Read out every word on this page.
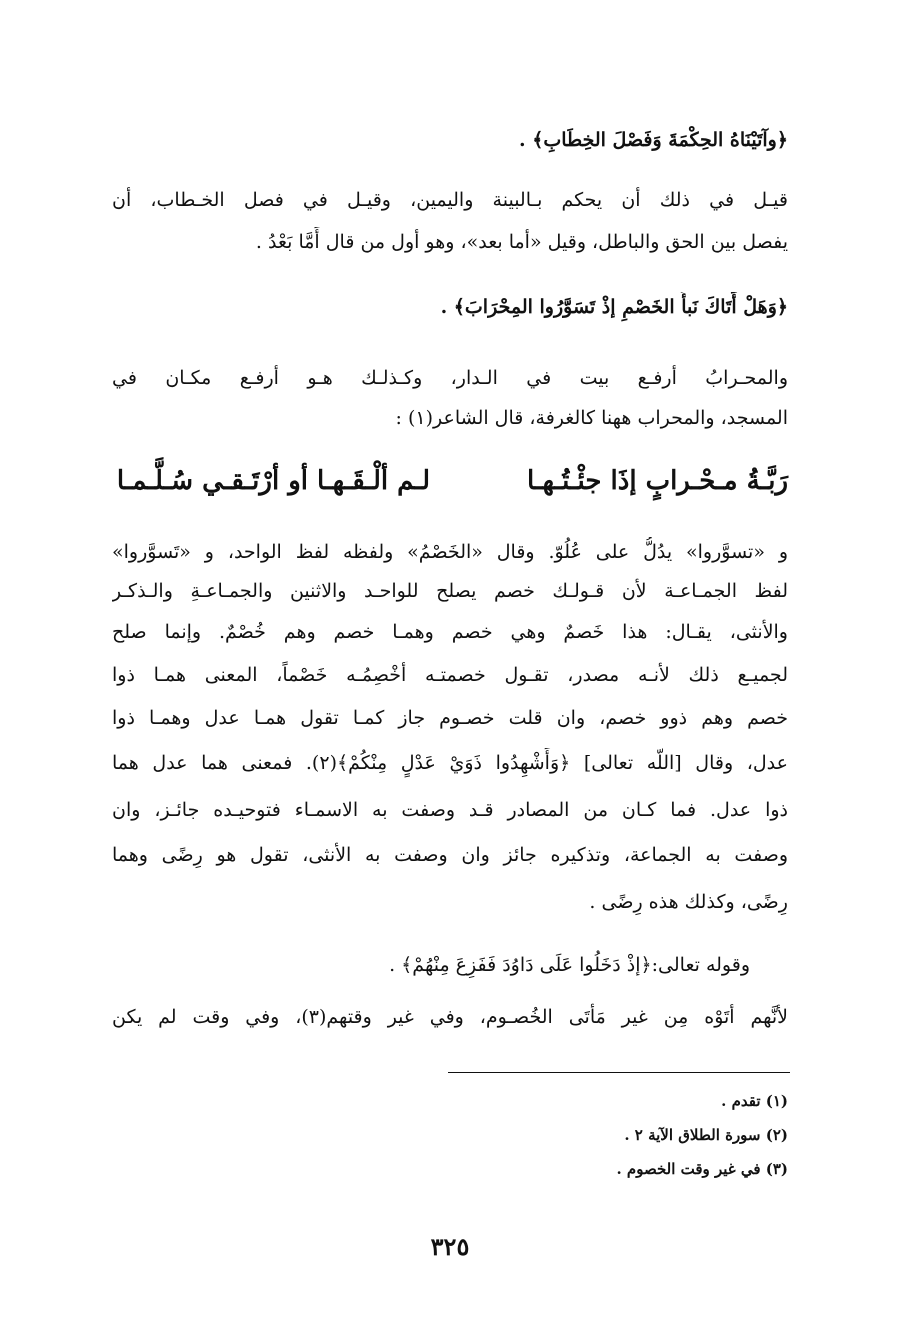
﴿وآتَيْنَاهُ الحِكْمَةَ وَفَصْلَ الخِطَابِ﴾ .
قيـل في ذلك أن يحكم بـالبينة واليمين، وقيـل في فصل الخـطاب، أن
يفصل بين الحق والباطل، وقيل «أما بعد»، وهو أول من قال أَمَّا بَعْدُ .
﴿وَهَلْ أَتَاكَ نَبأُ الخَصْمِ إذْ تَسَوَّرُوا المِحْرَابَ﴾ .
والمحـرابُ أرفـع بيت في الـدار، وكـذلـك هـو أرفـع مكـان في
المسجد، والمحراب ههنا كالغرفة، قال الشاعر(١) :
رَبَّـةُ مـحْـرابٍ إذَا جئْـتُـهـا
لـم ألْـقَـهـا أو أرْتَـقـي سُـلَّـمـا
و «تسوَّروا» يدُلُّ على عُلُوّ. وقال «الخَصْمُ» ولفظه لفظ الواحد، و «تَسوَّروا»
لفظ الجمـاعـة لأن قـولـك خصم يصلح للواحـد والاثنين والجمـاعـةِ والـذكـر
والأنثى، يقـال: هذا خَصمٌ وهي خصم وهمـا خصم وهم خُصْمٌ. وإنما صلح
لجميـع ذلك لأنـه مصدر، تقـول خصمتـه أخْصِمُـه خَصْماً، المعنى همـا ذوا
خصم وهم ذوو خصم، وان قلت خصـوم جاز كمـا تقول همـا عدل وهمـا ذوا
عدل، وقال [اللّه تعالى] ﴿وَأَشْهِدُوا ذَوَيْ عَدْلٍ مِنْكُمْ﴾(٢). فمعنى هما عدل هما
ذوا عدل. فما كـان من المصادر قـد وصفت به الاسمـاء فتوحيـده جائـز، وان
وصفت به الجماعة، وتذكيره جائز وان وصفت به الأنثى، تقول هو رِضًى وهما
رِضًى، وكذلك هذه رِضًى .
وقوله تعالى:﴿إذْ دَخَلُوا عَلَى دَاوُدَ فَفَزِعَ مِنْهُمْ﴾ .
لأنَّهم أتَوْه مِن غير مَأْتَى الخُصـوم، وفي غير وقتهم(٣)، وفي وقت لم يكن
(١) تقدم .
(٢) سورة الطلاق الآية ٢ .
(٣) في غير وقت الخصوم .
٣٢٥
